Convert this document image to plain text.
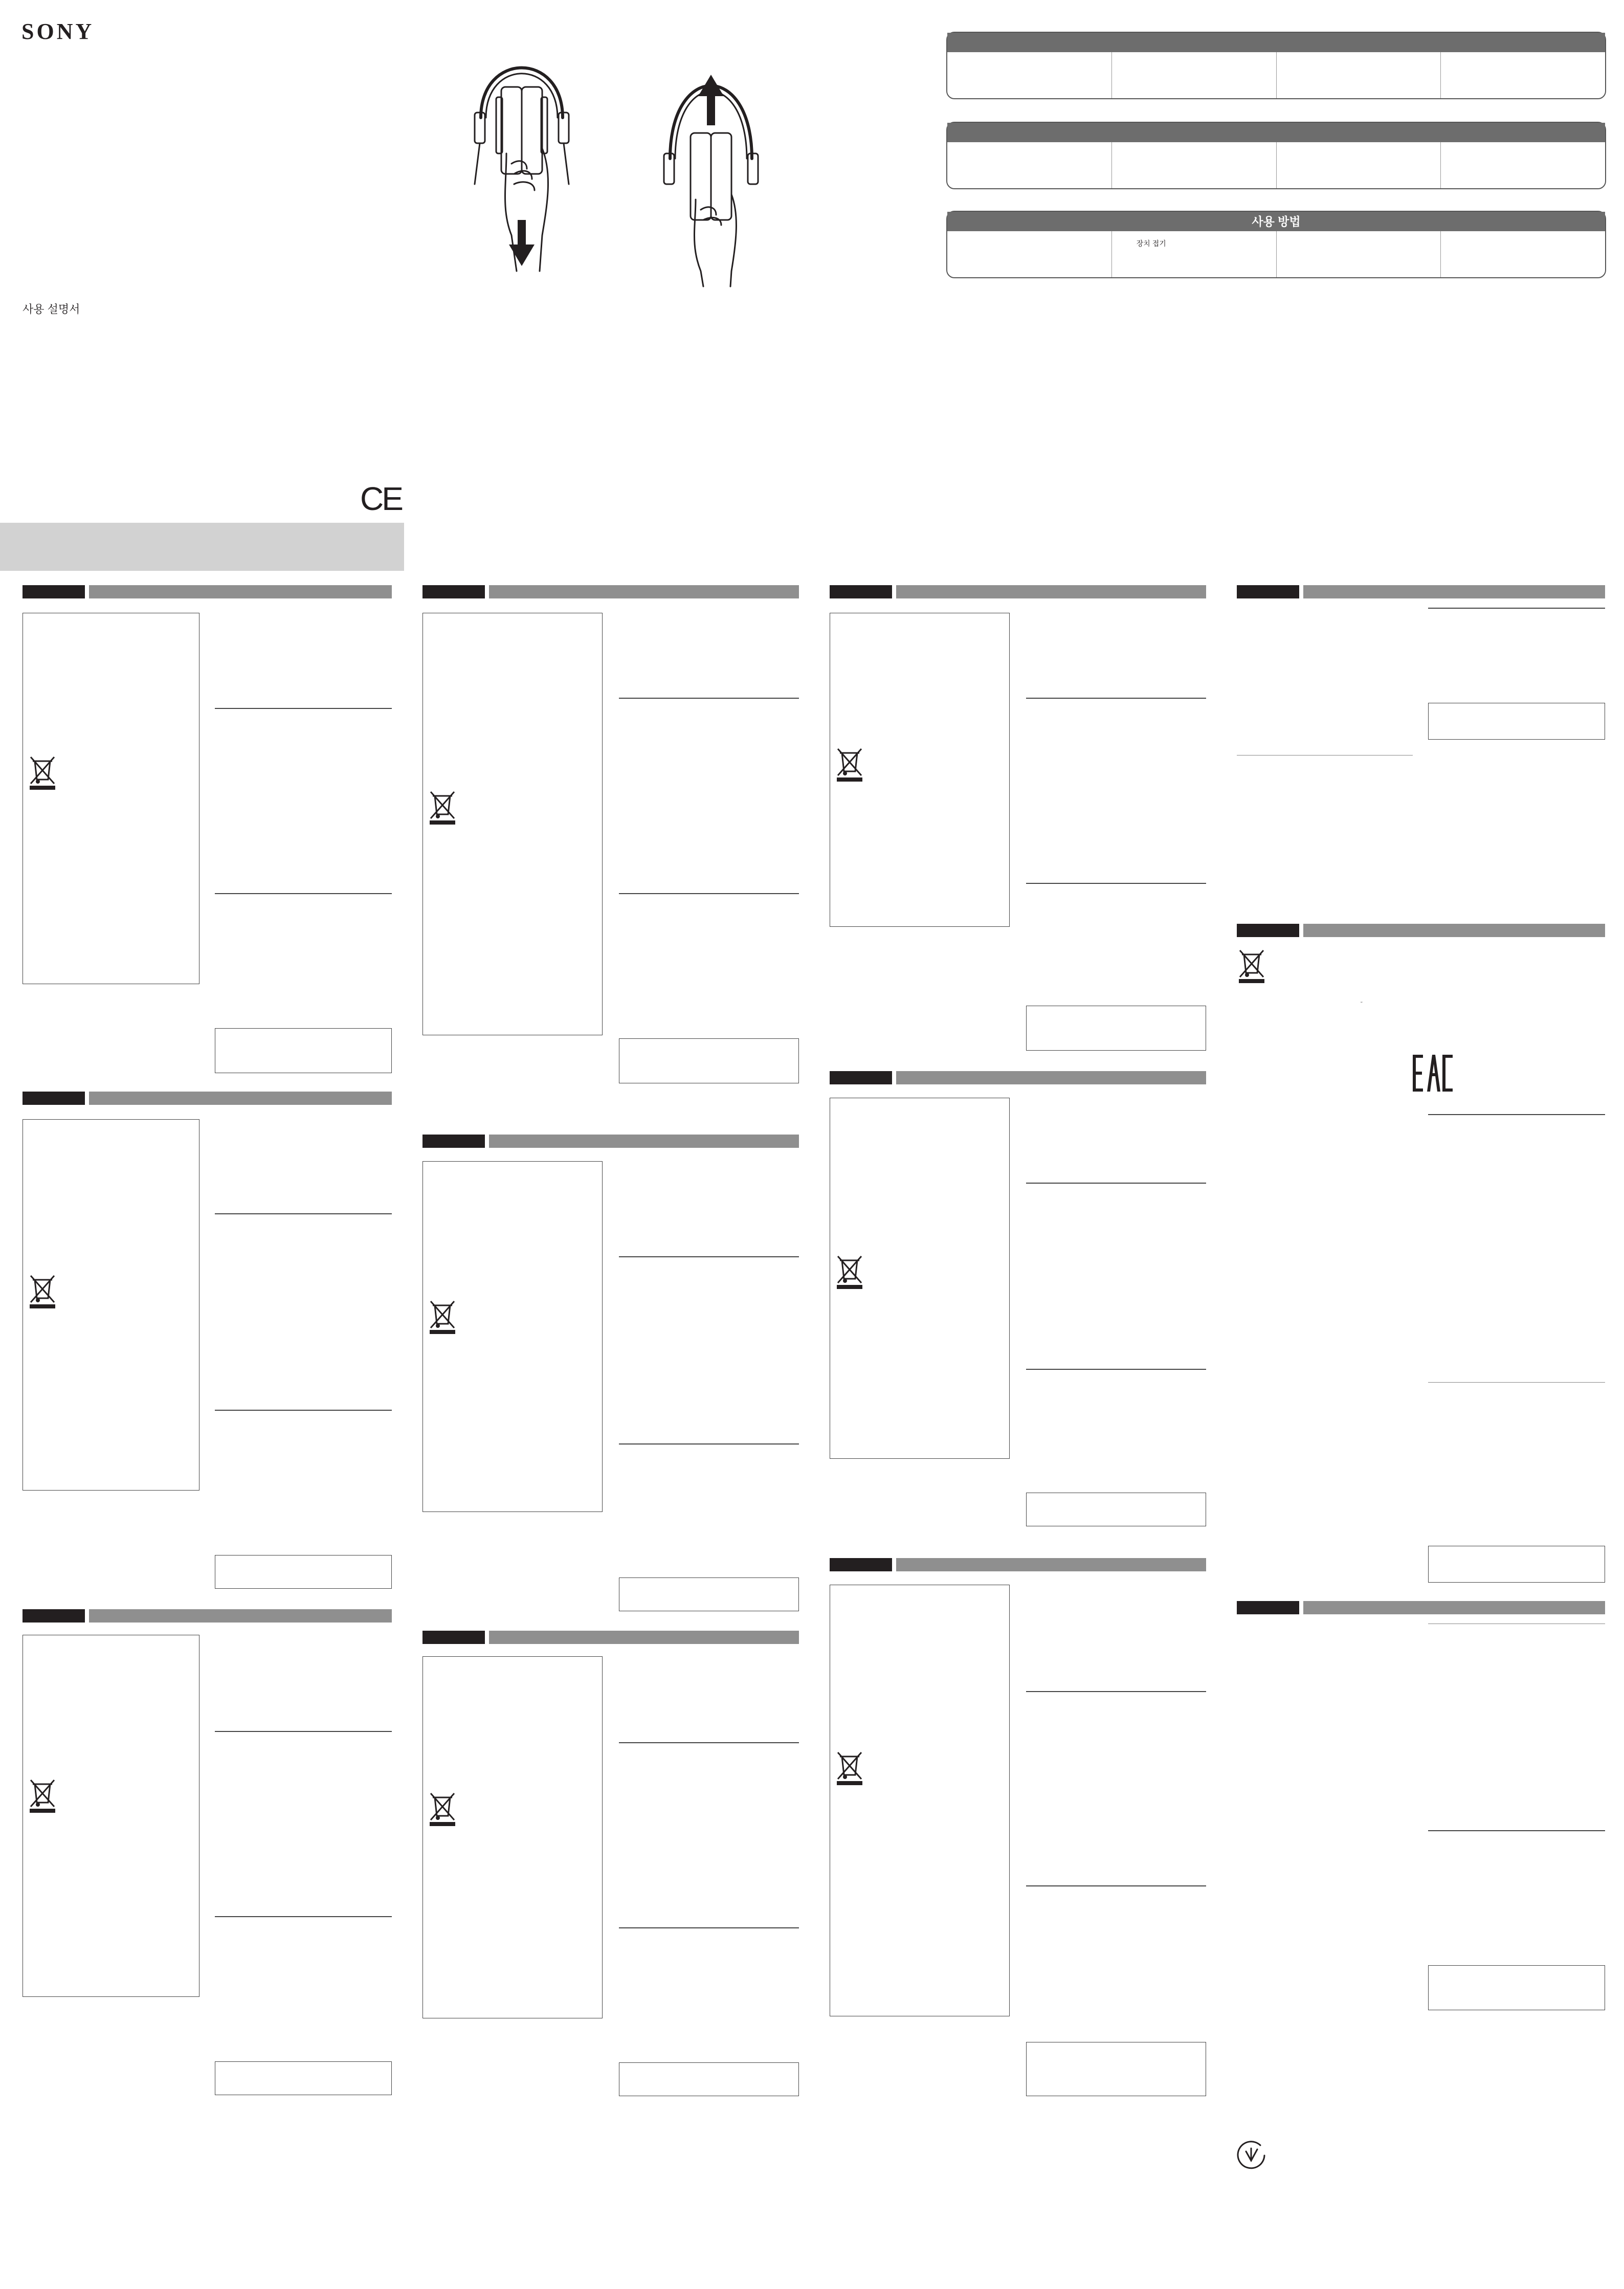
SONY
사용 설명서
CE
사용 방법
장치 접기
EAC
